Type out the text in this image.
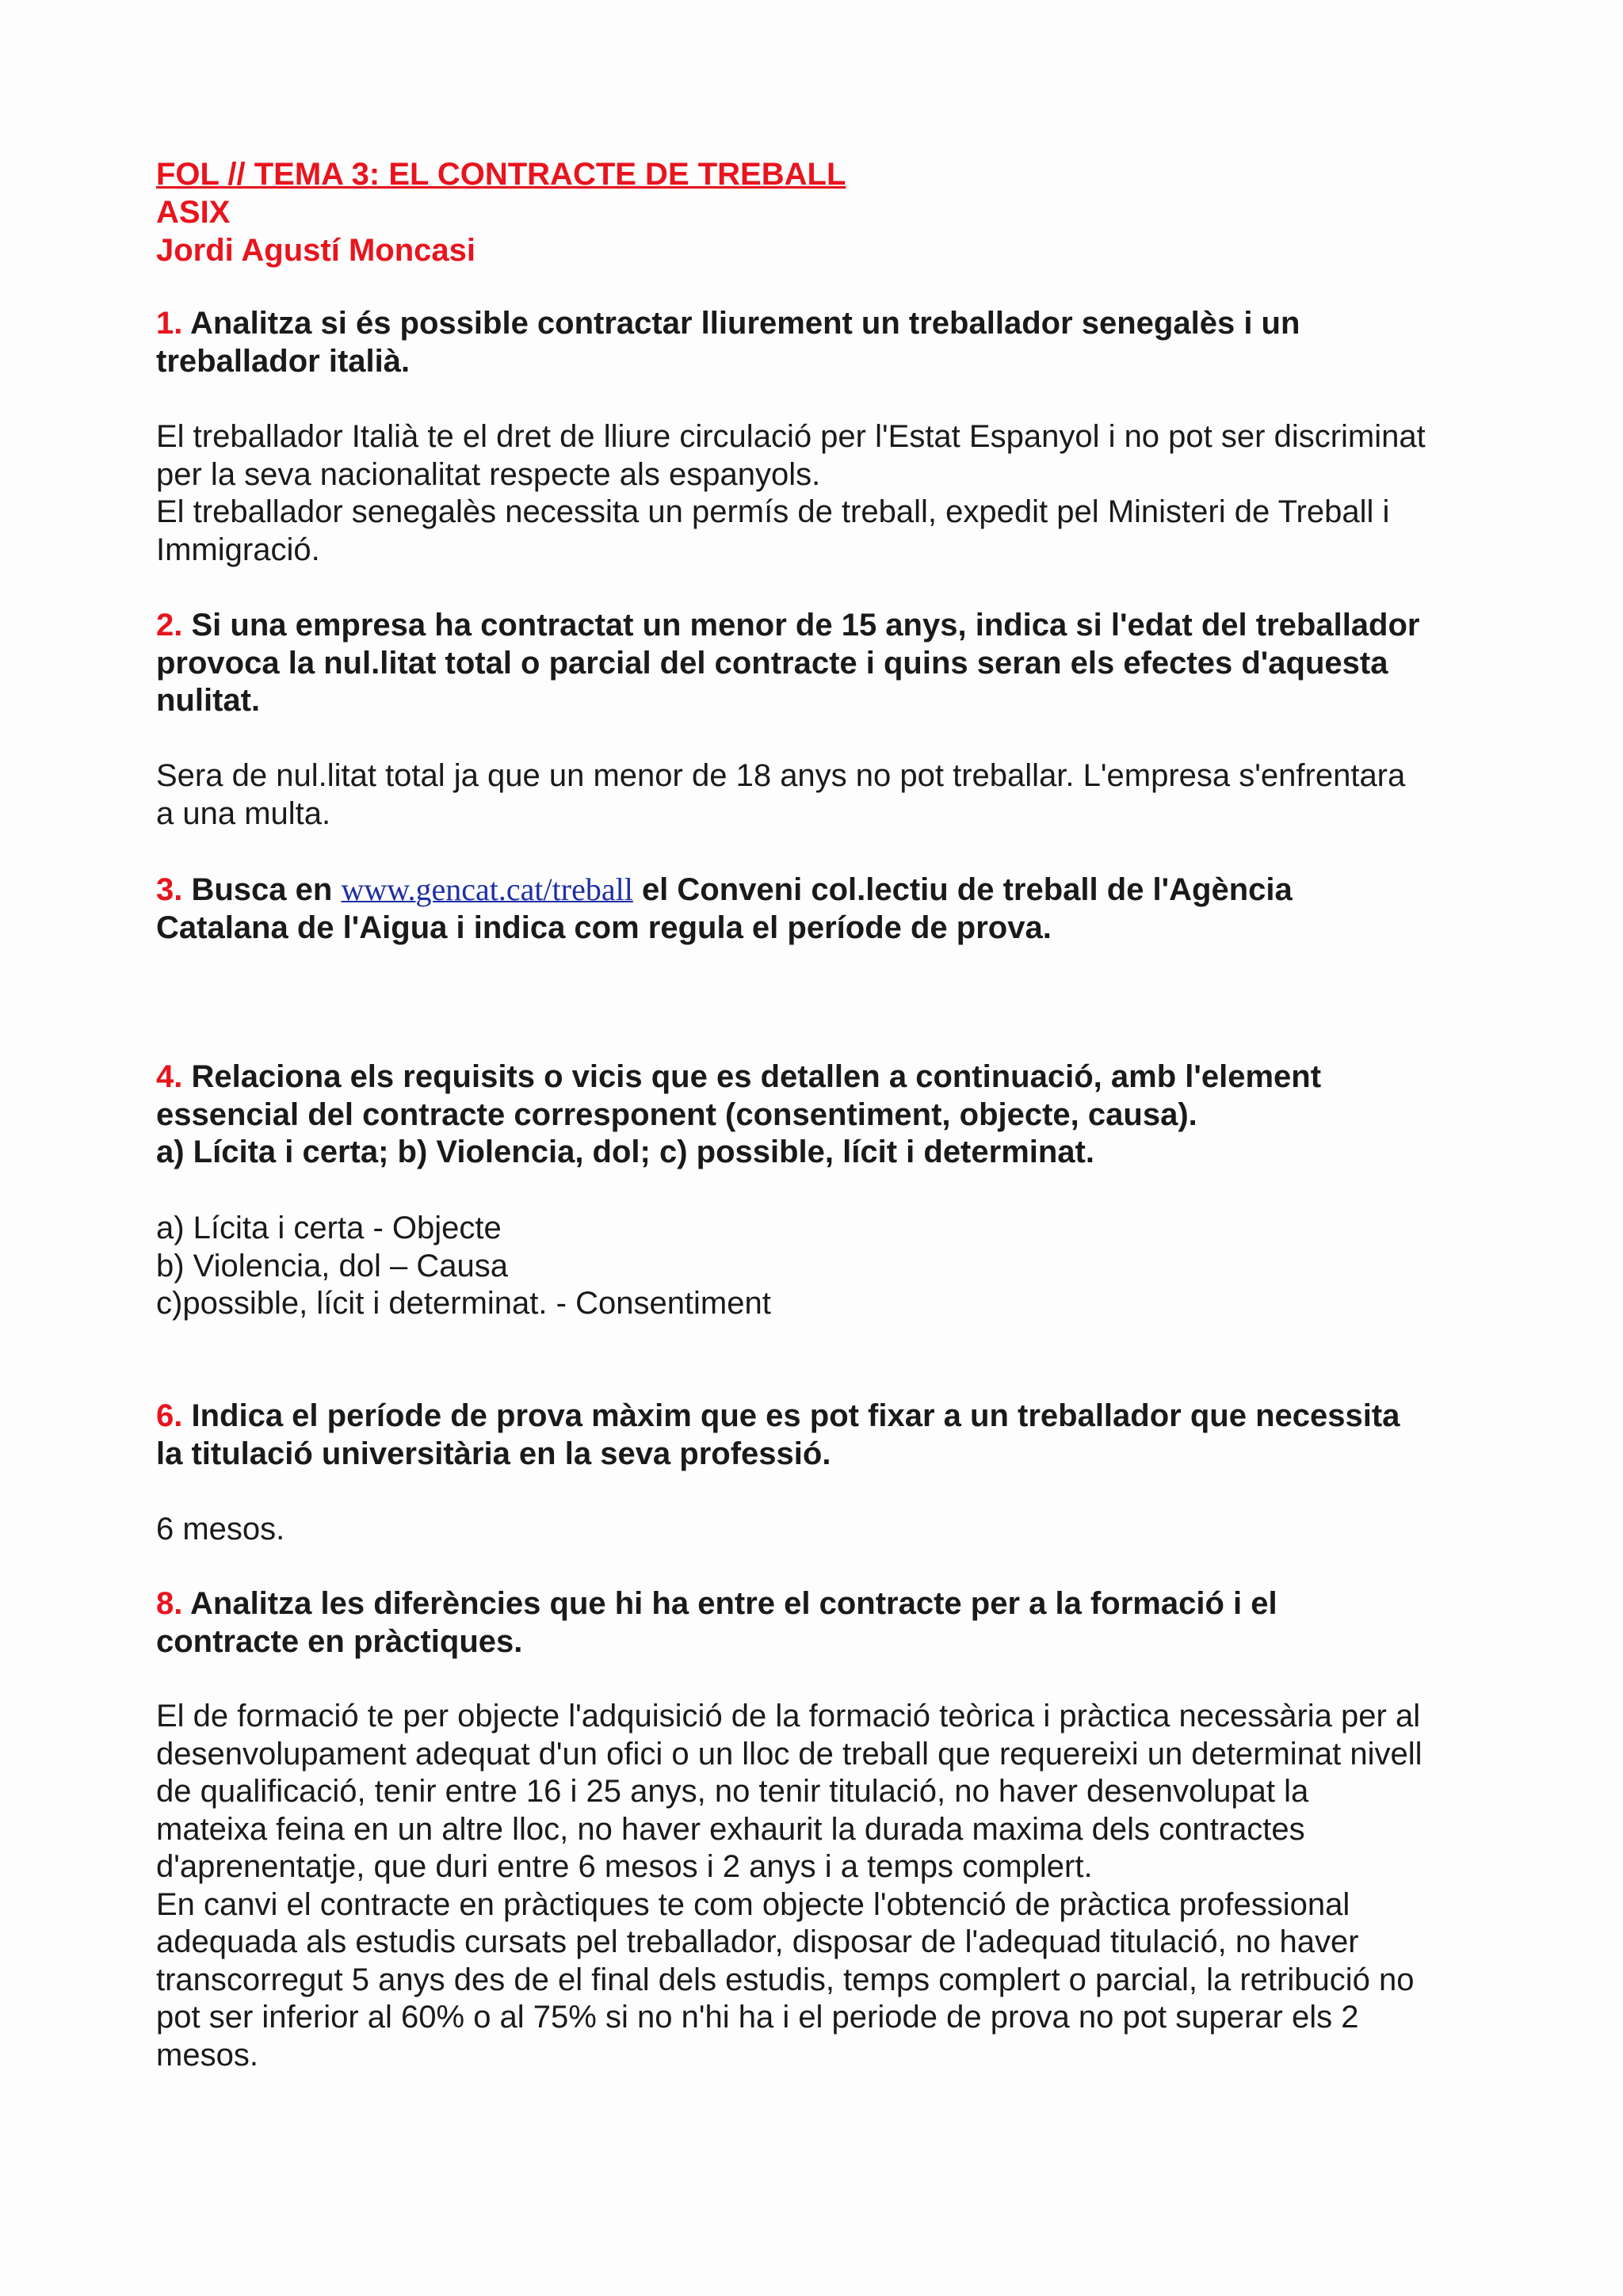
FOL // TEMA 3: EL CONTRACTE DE TREBALL
ASIX
Jordi Agustí Moncasi
1. Analitza si és possible contractar lliurement un treballador senegalès i un
treballador italià.
El treballador Italià te el dret de lliure circulació per l'Estat Espanyol i no pot ser discriminat
per la seva nacionalitat respecte als espanyols.
El treballador senegalès necessita un permís de treball, expedit pel Ministeri de Treball i
Immigració.
2. Si una empresa ha contractat un menor de 15 anys, indica si l'edat del treballador
provoca la nul.litat total o parcial del contracte i quins seran els efectes d'aquesta
nulitat.
Sera de nul.litat total ja que un menor de 18 anys no pot treballar. L'empresa s'enfrentara
a una multa.
3. Busca en www.gencat.cat/treball el Conveni col.lectiu de treball de l'Agència
Catalana de l'Aigua i indica com regula el període de prova.
4. Relaciona els requisits o vicis que es detallen a continuació, amb l'element
essencial del contracte corresponent (consentiment, objecte, causa).
a) Lícita i certa; b) Violencia, dol; c) possible, lícit i determinat.
a) Lícita i certa - Objecte
b) Violencia, dol – Causa
c)possible, lícit i determinat. - Consentiment
6. Indica el període de prova màxim que es pot fixar a un treballador que necessita
la titulació universitària en la seva professió.
6 mesos.
8. Analitza les diferències que hi ha entre el contracte per a la formació i el
contracte en pràctiques.
El de formació te per objecte l'adquisició de la formació teòrica i pràctica necessària per al
desenvolupament adequat d'un ofici o un lloc de treball que requereixi un determinat nivell
de qualificació, tenir entre 16 i 25 anys, no tenir titulació, no haver desenvolupat la
mateixa feina en un altre lloc, no haver exhaurit la durada maxima dels contractes
d'aprenentatje, que duri entre 6 mesos i 2 anys i a temps complert.
En canvi el contracte en pràctiques te com objecte l'obtenció de pràctica professional
adequada als estudis cursats pel treballador, disposar de l'adequad titulació, no haver
transcorregut 5 anys des de el final dels estudis, temps complert o parcial, la retribució no
pot ser inferior al 60% o al 75% si no n'hi ha i el periode de prova no pot superar els 2
mesos.
